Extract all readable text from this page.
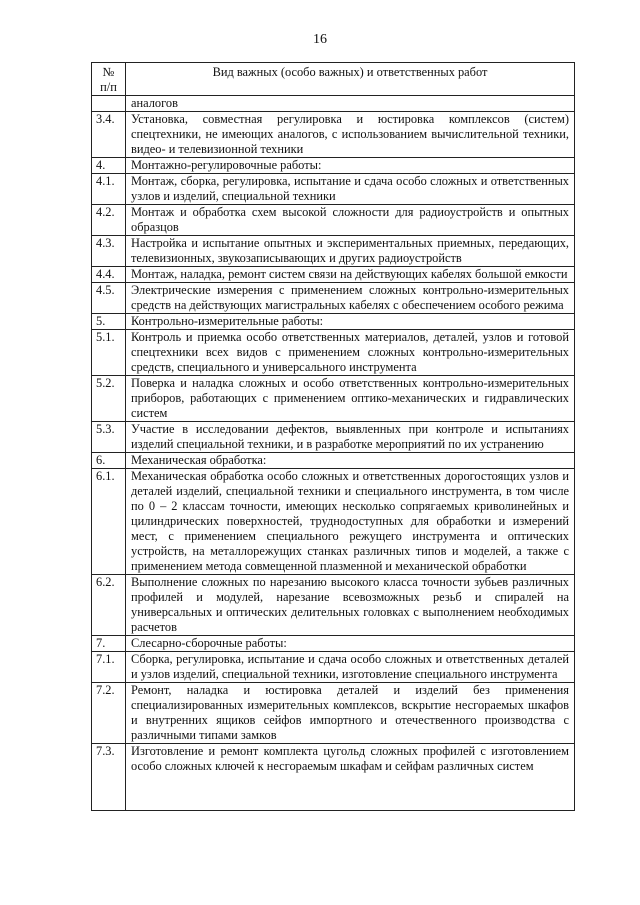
16
№ п/п	Вид важных (особо важных) и ответственных работ
	аналогов
3.4.	Установка, совместная регулировка и юстировка комплексов (систем) спецтехники, не имеющих аналогов, с использованием вычислительной техники, видео- и телевизионной техники
4.	Монтажно-регулировочные работы:
4.1.	Монтаж, сборка, регулировка, испытание и сдача особо сложных и ответственных узлов и изделий, специальной техники
4.2.	Монтаж и обработка схем высокой сложности для радиоустройств и опытных образцов
4.3.	Настройка и испытание опытных и экспериментальных приемных, передающих, телевизионных, звукозаписывающих и других радиоустройств
4.4.	Монтаж, наладка, ремонт систем связи на действующих кабелях большой емкости
4.5.	Электрические измерения с применением сложных контрольно-измерительных средств на действующих магистральных кабелях с обеспечением особого режима
5.	Контрольно-измерительные работы:
5.1.	Контроль и приемка особо ответственных материалов, деталей, узлов и готовой спецтехники всех видов с применением сложных контрольно-измерительных средств, специального и универсального инструмента
5.2.	Поверка и наладка сложных и особо ответственных контрольно-измерительных приборов, работающих с применением оптико-механических и гидравлических систем
5.3.	Участие в исследовании дефектов, выявленных при контроле и испытаниях изделий специальной техники, и в разработке мероприятий по их устранению
6.	Механическая обработка:
6.1.	Механическая обработка особо сложных и ответственных дорогостоящих узлов и деталей изделий, специальной техники и специального инструмента, в том числе по 0 – 2 классам точности, имеющих несколько сопрягаемых криволинейных и цилиндрических поверхностей, труднодоступных для обработки и измерений мест, с применением специального режущего инструмента и оптических устройств, на металлорежущих станках различных типов и моделей, а также с применением метода совмещенной плазменной и механической обработки
6.2.	Выполнение сложных по нарезанию высокого класса точности зубьев различных профилей и модулей, нарезание всевозможных резьб и спиралей на универсальных и оптических делительных головках с выполнением необходимых расчетов
7.	Слесарно-сборочные работы:
7.1.	Сборка, регулировка, испытание и сдача особо сложных и ответственных деталей и узлов изделий, специальной техники, изготовление специального инструмента
7.2.	Ремонт, наладка и юстировка деталей и изделий без применения специализированных измерительных комплексов, вскрытие несгораемых шкафов и внутренних ящиков сейфов импортного и отечественного производства с различными типами замков
7.3.	Изготовление и ремонт комплекта цугольд сложных профилей с изготовлением особо сложных ключей к несгораемым шкафам и сейфам различных систем
